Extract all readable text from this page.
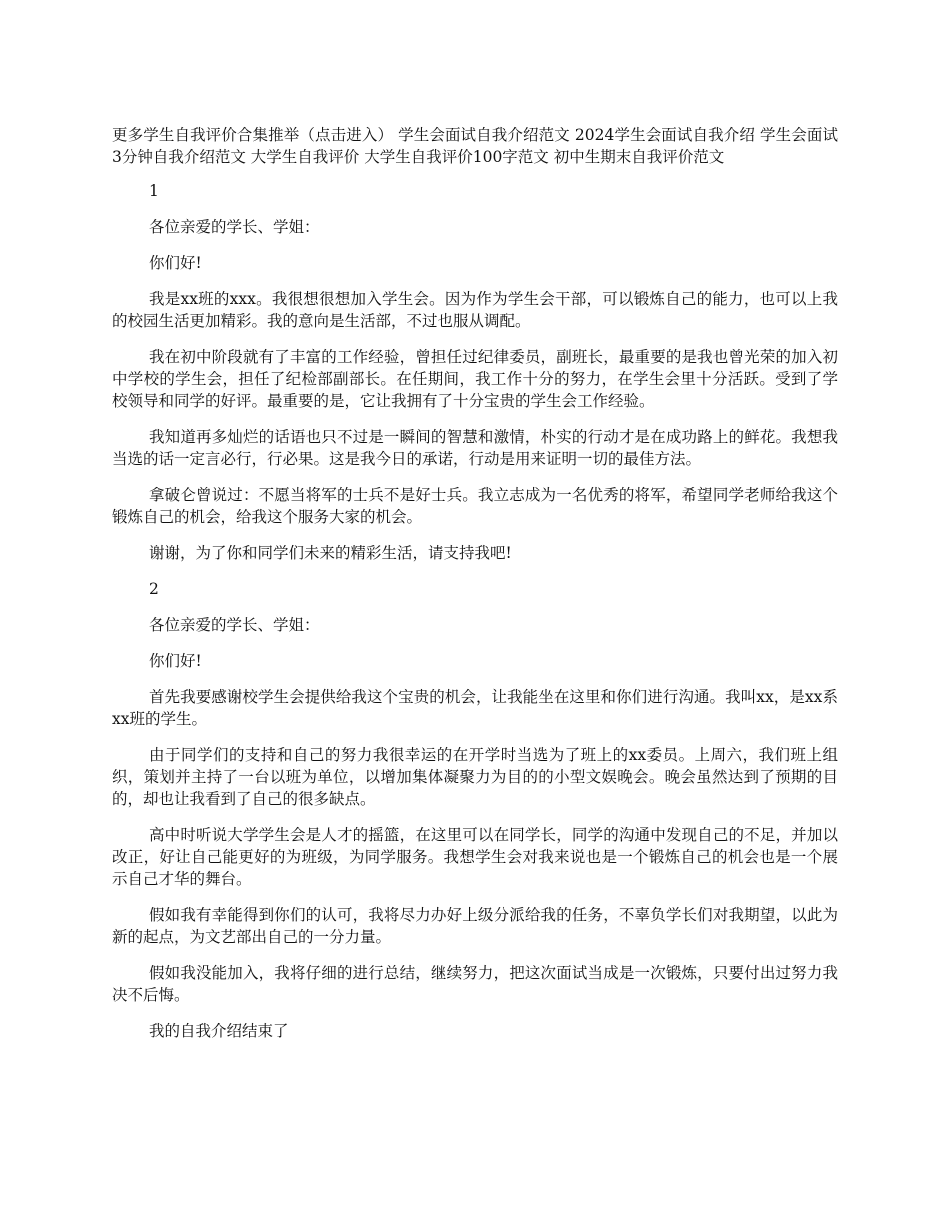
更多学生自我评价合集推举（点击进入） 学生会面试自我介绍范文 2024学生会面试自我介绍 学生会面试3分钟自我介绍范文 大学生自我评价 大学生自我评价100字范文 初中生期末自我评价范文

1

各位亲爱的学长、学姐：

你们好!

我是xx班的xxx。我很想很想加入学生会。因为作为学生会干部，可以锻炼自己的能力，也可以上我的校园生活更加精彩。我的意向是生活部，不过也服从调配。

我在初中阶段就有了丰富的工作经验，曾担任过纪律委员，副班长，最重要的是我也曾光荣的加入初中学校的学生会，担任了纪检部副部长。在任期间，我工作十分的努力，在学生会里十分活跃。受到了学校领导和同学的好评。最重要的是，它让我拥有了十分宝贵的学生会工作经验。

我知道再多灿烂的话语也只不过是一瞬间的智慧和激情，朴实的行动才是在成功路上的鲜花。我想我当选的话一定言必行，行必果。这是我今日的承诺，行动是用来证明一切的最佳方法。

拿破仑曾说过：不愿当将军的士兵不是好士兵。我立志成为一名优秀的将军，希望同学老师给我这个锻炼自己的机会，给我这个服务大家的机会。

谢谢，为了你和同学们未来的精彩生活，请支持我吧!

2

各位亲爱的学长、学姐：

你们好!

首先我要感谢校学生会提供给我这个宝贵的机会，让我能坐在这里和你们进行沟通。我叫xx，是xx系xx班的学生。

由于同学们的支持和自己的努力我很幸运的在开学时当选为了班上的xx委员。上周六，我们班上组织，策划并主持了一台以班为单位，以增加集体凝聚力为目的的小型文娱晚会。晚会虽然达到了预期的目的，却也让我看到了自己的很多缺点。

高中时听说大学学生会是人才的摇篮，在这里可以在同学长，同学的沟通中发现自己的不足，并加以改正，好让自己能更好的为班级，为同学服务。我想学生会对我来说也是一个锻炼自己的机会也是一个展示自己才华的舞台。

假如我有幸能得到你们的认可，我将尽力办好上级分派给我的任务，不辜负学长们对我期望，以此为新的起点，为文艺部出自己的一分力量。

假如我没能加入，我将仔细的进行总结，继续努力，把这次面试当成是一次锻炼，只要付出过努力我决不后悔。

我的自我介绍结束了
